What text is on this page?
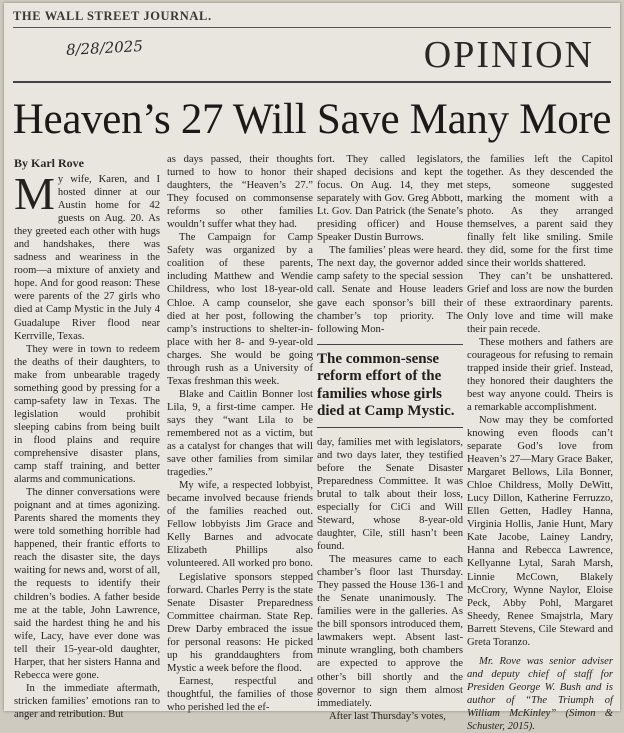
THE WALL STREET JOURNAL.
8/28/2025	OPINION
Heaven’s 27 Will Save Many More
By Karl Rove

My wife, Karen, and I hosted dinner at our Austin home for 42 guests on Aug. 20. As they greeted each other with hugs and handshakes, there was sadness and weariness in the room—a mixture of anxiety and hope. And for good reason: These were parents of the 27 girls who died at Camp Mystic in the July 4 Guadalupe River flood near Kerrville, Texas.

They were in town to redeem the deaths of their daughters, to make from unbearable tragedy something good by pressing for a camp-safety law in Texas. The legislation would prohibit sleeping cabins from being built in flood plains and require comprehensive disaster plans, camp staff training, and better alarms and communications.

The dinner conversations were poignant and at times agonizing. Parents shared the moments they were told something horrible had happened, their frantic efforts to reach the disaster site, the days waiting for news and, worst of all, the requests to identify their children’s bodies. A father beside me at the table, John Lawrence, said the hardest thing he and his wife, Lacy, have ever done was tell their 15-year-old daughter, Harper, that her sisters Hanna and Rebecca were gone.

In the immediate aftermath, stricken families’ emotions ran to anger and retribution. But

as days passed, their thoughts turned to how to honor their daughters, the “Heaven’s 27.” They focused on commonsense reforms so other families wouldn’t suffer what they had.

The Campaign for Camp Safety was organized by a coalition of these parents, including Matthew and Wendie Childress, who lost 18-year-old Chloe. A camp counselor, she died at her post, following the camp’s instructions to shelter-in-place with her 8- and 9-year-old charges. She would be going through rush as a University of Texas freshman this week.

Blake and Caitlin Bonner lost Lila, 9, a first-time camper. He says they “want Lila to be remembered not as a victim, but as a catalyst for changes that will save other families from similar tragedies.”

My wife, a respected lobbyist, became involved because friends of the families reached out. Fellow lobbyists Jim Grace and Kelly Barnes and advocate Elizabeth Phillips also volunteered. All worked pro bono.

Legislative sponsors stepped forward. Charles Perry is the state Senate Disaster Preparedness Committee chairman. State Rep. Drew Darby embraced the issue for personal reasons: He picked up his granddaughters from Mystic a week before the flood.

Earnest, respectful and thoughtful, the families of those who perished led the ef-

fort. They called legislators, shaped decisions and kept the focus. On Aug. 14, they met separately with Gov. Greg Abbott, Lt. Gov. Dan Patrick (the Senate’s presiding officer) and House Speaker Dustin Burrows.

The families’ pleas were heard. The next day, the governor added camp safety to the special session call. Senate and House leaders gave each sponsor’s bill their chamber’s top priority. The following Mon-

The common-sense reform effort of the families whose girls died at Camp Mystic.

day, families met with legislators, and two days later, they testified before the Senate Disaster Preparedness Committee. It was brutal to talk about their loss, especially for CiCi and Will Steward, whose 8-year-old daughter, Cile, still hasn’t been found.

The measures came to each chamber’s floor last Thursday. They passed the House 136-1 and the Senate unanimously. The families were in the galleries. As the bill sponsors introduced them, lawmakers wept. Absent last-minute wrangling, both chambers are expected to approve the other’s bill shortly and the governor to sign them almost immediately.

After last Thursday’s votes,

the families left the Capitol together. As they descended the steps, someone suggested marking the moment with a photo. As they arranged themselves, a parent said they finally felt like smiling. Smile they did, some for the first time since their worlds shattered.

They can’t be unshattered. Grief and loss are now the burden of these extraordinary parents. Only love and time will make their pain recede.

These mothers and fathers are courageous for refusing to remain trapped inside their grief. Instead, they honored their daughters the best way anyone could. Theirs is a remarkable accomplishment.

Now may they be comforted knowing even floods can’t separate God’s love from Heaven’s 27—Mary Grace Baker, Margaret Bellows, Lila Bonner, Chloe Childress, Molly DeWitt, Lucy Dillon, Katherine Ferruzzo, Ellen Getten, Hadley Hanna, Virginia Hollis, Janie Hunt, Mary Kate Jacobe, Lainey Landry, Hanna and Rebecca Lawrence, Kellyanne Lytal, Sarah Marsh, Linnie McCown, Blakely McCrory, Wynne Naylor, Eloise Peck, Abby Pohl, Margaret Sheedy, Renee Smajstrla, Mary Barrett Stevens, Cile Steward and Greta Toranzo.

Mr. Rove was senior adviser and deputy chief of staff for Presiden George W. Bush and is author of “The Triumph of William McKinley” (Simon & Schuster, 2015).
